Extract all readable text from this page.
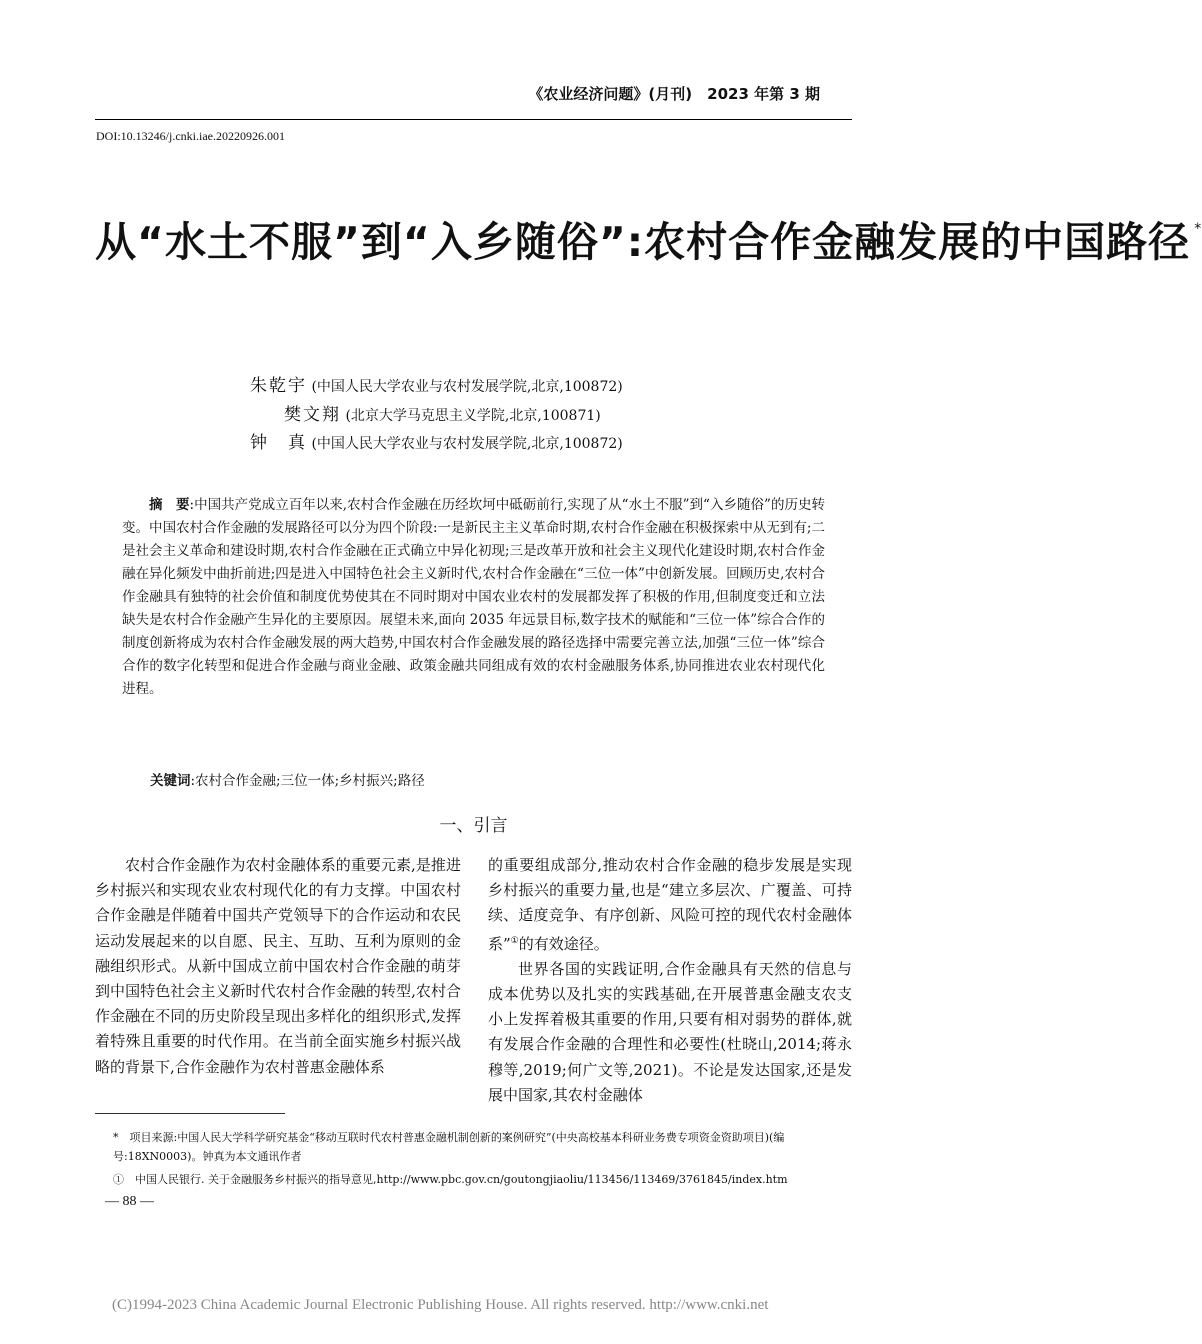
《农业经济问题》(月刊)　2023 年第 3 期
DOI:10.13246/j.cnki.iae.20220926.001
从“水土不服”到“入乡随俗”:农村合作金融发展的中国路径 *
朱乾宇 (中国人民大学农业与农村发展学院,北京,100872)
樊文翔 (北京大学马克思主义学院,北京,100871)
钟　真 (中国人民大学农业与农村发展学院,北京,100872)
摘　要:中国共产党成立百年以来,农村合作金融在历经坎坷中砥砺前行,实现了从“水土不服”到“入乡随俗”的历史转变。中国农村合作金融的发展路径可以分为四个阶段:一是新民主主义革命时期,农村合作金融在积极探索中从无到有;二是社会主义革命和建设时期,农村合作金融在正式确立中异化初现;三是改革开放和社会主义现代化建设时期,农村合作金融在异化频发中曲折前进;四是进入中国特色社会主义新时代,农村合作金融在“三位一体”中创新发展。回顾历史,农村合作金融具有独特的社会价值和制度优势使其在不同时期对中国农业农村的发展都发挥了积极的作用,但制度变迁和立法缺失是农村合作金融产生异化的主要原因。展望未来,面向 2035 年远景目标,数字技术的赋能和“三位一体”综合合作的制度创新将成为农村合作金融发展的两大趋势,中国农村合作金融发展的路径选择中需要完善立法,加强“三位一体”综合合作的数字化转型和促进合作金融与商业金融、政策金融共同组成有效的农村金融服务体系,协同推进农业农村现代化进程。
关键词:农村合作金融;三位一体;乡村振兴;路径
一、引言

农村合作金融作为农村金融体系的重要元素,是推进乡村振兴和实现农业农村现代化的有力支撑。中国农村合作金融是伴随着中国共产党领导下的合作运动和农民运动发展起来的以自愿、民主、互助、互利为原则的金融组织形式。从新中国成立前中国农村合作金融的萌芽到中国特色社会主义新时代农村合作金融的转型,农村合作金融在不同的历史阶段呈现出多样化的组织形式,发挥着特殊且重要的时代作用。在当前全面实施乡村振兴战略的背景下,合作金融作为农村普惠金融体系

的重要组成部分,推动农村合作金融的稳步发展是实现乡村振兴的重要力量,也是“建立多层次、广覆盖、可持续、适度竞争、有序创新、风险可控的现代农村金融体系”①的有效途径。

世界各国的实践证明,合作金融具有天然的信息与成本优势以及扎实的实践基础,在开展普惠金融支农支小上发挥着极其重要的作用,只要有相对弱势的群体,就有发展合作金融的合理性和必要性(杜晓山,2014;蒋永穆等,2019;何广文等,2021)。不论是发达国家,还是发展中国家,其农村金融体

*　 项目来源:中国人民大学科学研究基金“移动互联时代农村普惠金融机制创新的案例研究”(中央高校基本科研业务费专项资金资助项目)(编号:18XN0003)。钟真为本文通讯作者
①　 中国人民银行. 关于金融服务乡村振兴的指导意见,http://www.pbc.gov.cn/goutongjiaoliu/113456/113469/3761845/index.htm
— 88 —
(C)1994-2023 China Academic Journal Electronic Publishing House. All rights reserved. http://www.cnki.net
